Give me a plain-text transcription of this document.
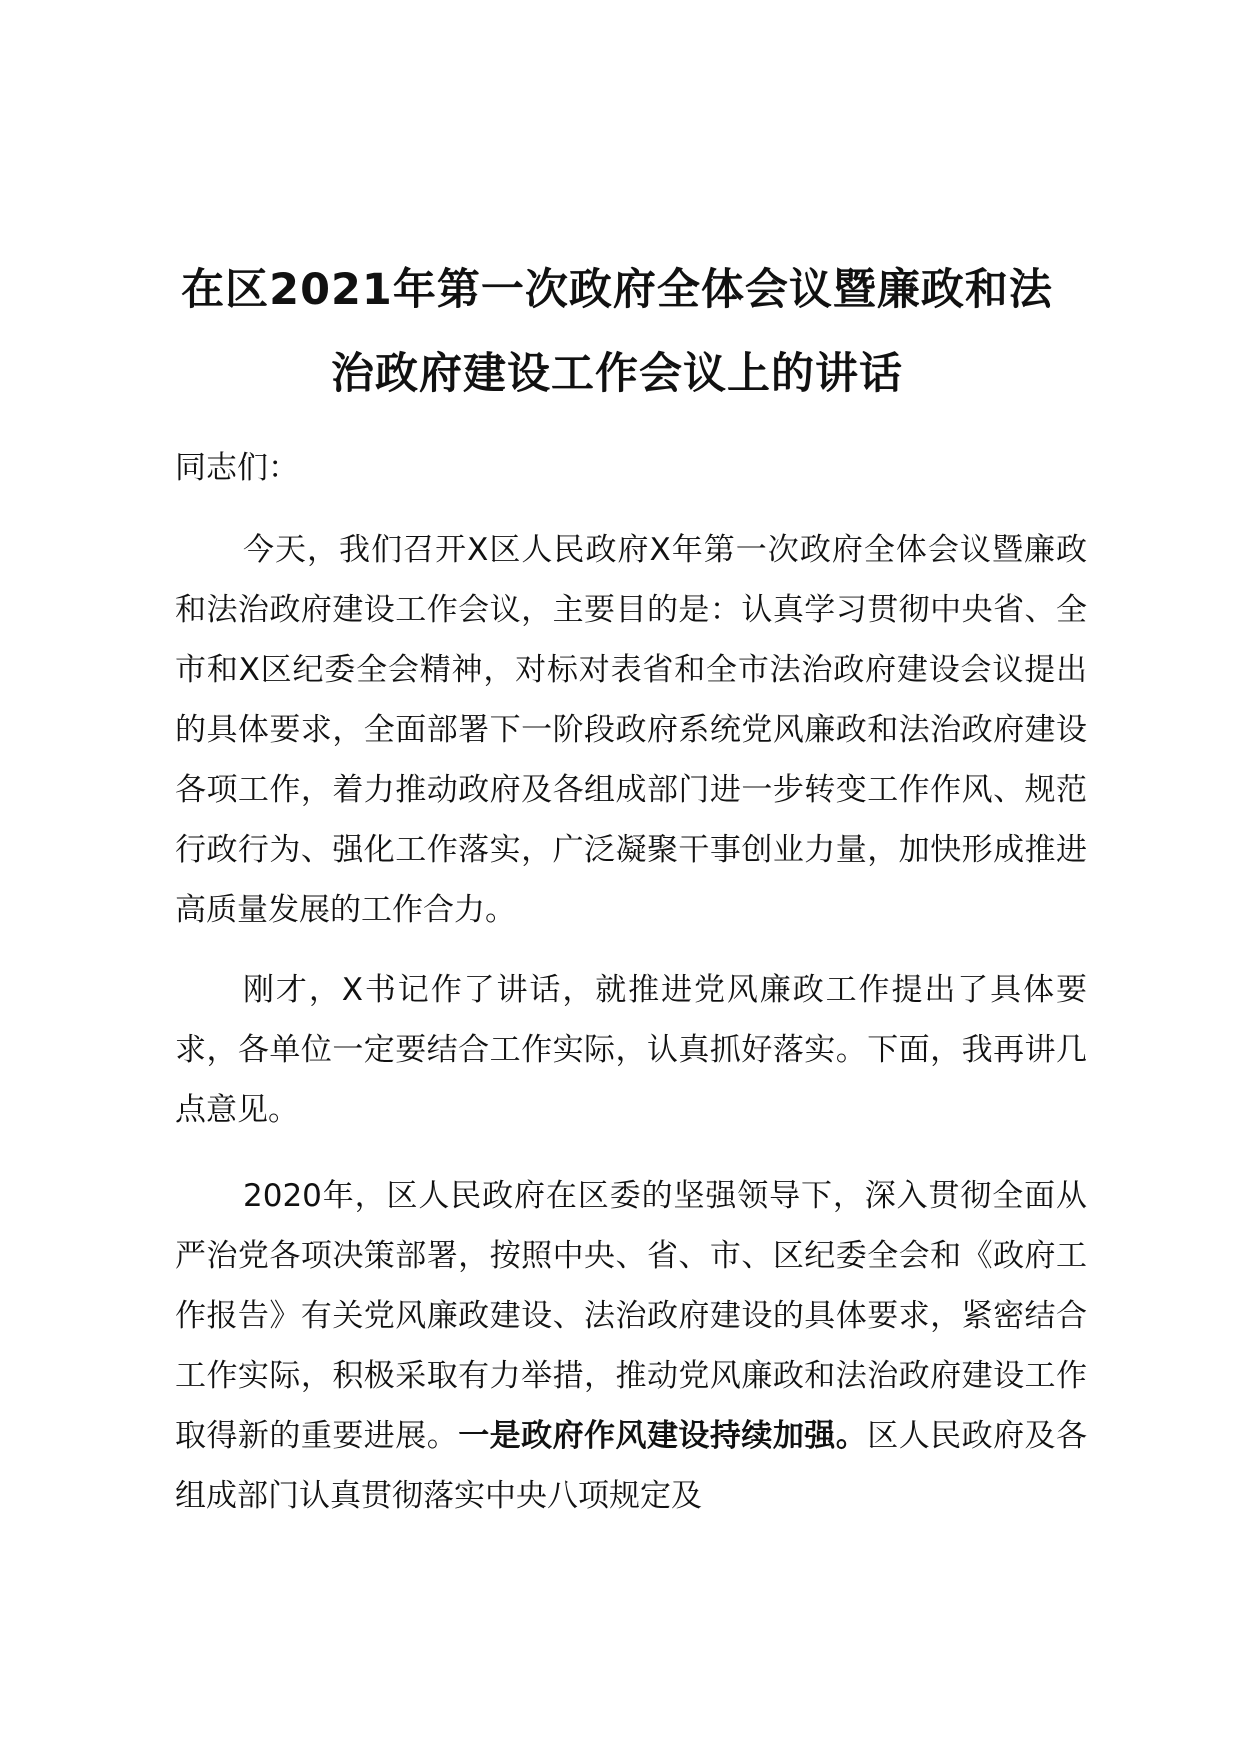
在区2021年第一次政府全体会议暨廉政和法
治政府建设工作会议上的讲话

同志们：

今天，我们召开X区人民政府X年第一次政府全体会议暨廉政和法治政府建设工作会议，主要目的是：认真学习贯彻中央省、全市和X区纪委全会精神，对标对表省和全市法治政府建设会议提出的具体要求，全面部署下一阶段政府系统党风廉政和法治政府建设各项工作，着力推动政府及各组成部门进一步转变工作作风、规范行政行为、强化工作落实，广泛凝聚干事创业力量，加快形成推进高质量发展的工作合力。

刚才，X书记作了讲话，就推进党风廉政工作提出了具体要求，各单位一定要结合工作实际，认真抓好落实。下面，我再讲几点意见。

2020年，区人民政府在区委的坚强领导下，深入贯彻全面从严治党各项决策部署，按照中央、省、市、区纪委全会和《政府工作报告》有关党风廉政建设、法治政府建设的具体要求，紧密结合工作实际，积极采取有力举措，推动党风廉政和法治政府建设工作取得新的重要进展。一是政府作风建设持续加强。区人民政府及各组成部门认真贯彻落实中央八项规定及
